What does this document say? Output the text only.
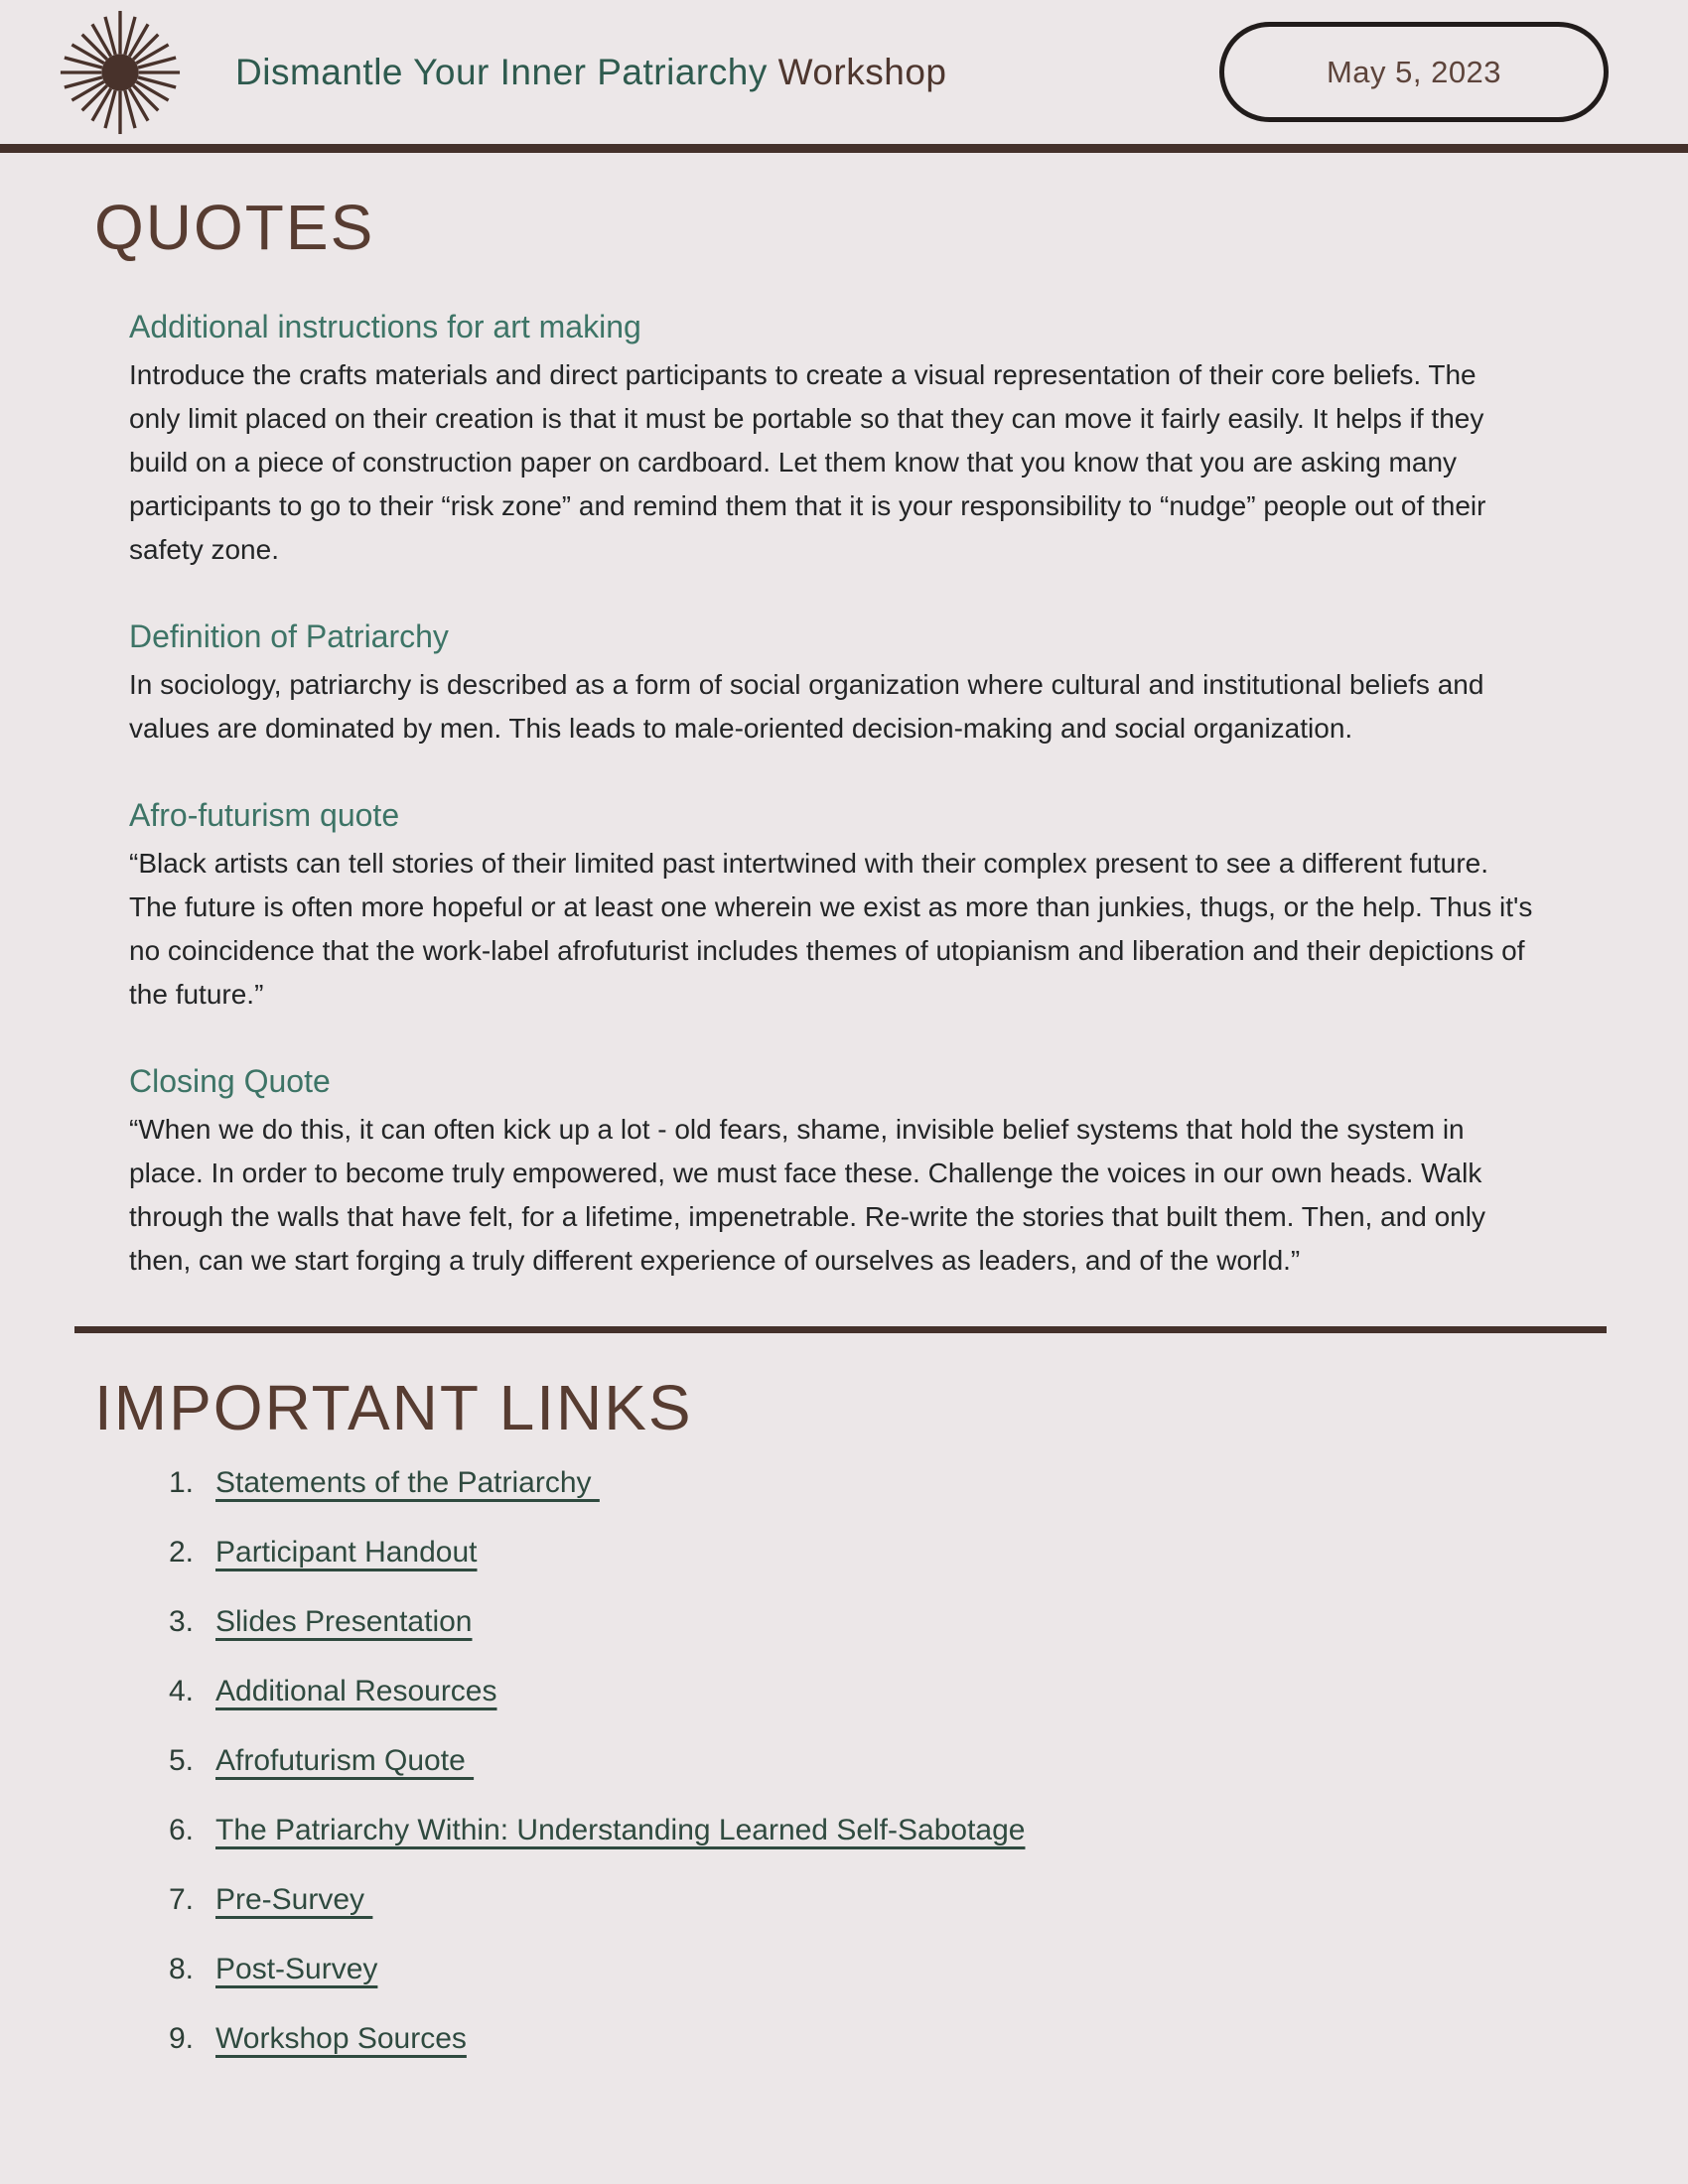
Dismantle Your Inner Patriarchy Workshop	May 5, 2023
QUOTES
Additional instructions for art making

Introduce the crafts materials and direct participants to create a visual representation of their core beliefs. The only limit placed on their creation is that it must be portable so that they can move it fairly easily. It helps if they build on a piece of construction paper on cardboard. Let them know that you know that you are asking many participants to go to their “risk zone” and remind them that it is your responsibility to “nudge” people out of their safety zone.

Definition of Patriarchy

In sociology, patriarchy is described as a form of social organization where cultural and institutional beliefs and values are dominated by men. This leads to male-oriented decision-making and social organization.

Afro-futurism quote

“Black artists can tell stories of their limited past intertwined with their complex present to see a different future. The future is often more hopeful or at least one wherein we exist as more than junkies, thugs, or the help. Thus it's no coincidence that the work-label afrofuturist includes themes of utopianism and liberation and their depictions of the future.”

Closing Quote

“When we do this, it can often kick up a lot - old fears, shame, invisible belief systems that hold the system in place. In order to become truly empowered, we must face these. Challenge the voices in our own heads. Walk through the walls that have felt, for a lifetime, impenetrable. Re-write the stories that built them. Then, and only then, can we start forging a truly different experience of ourselves as leaders, and of the world.”

IMPORTANT LINKS
1. Statements of the Patriarchy
2. Participant Handout
3. Slides Presentation
4. Additional Resources
5. Afrofuturism Quote
6. The Patriarchy Within: Understanding Learned Self-Sabotage
7. Pre-Survey
8. Post-Survey
9. Workshop Sources
